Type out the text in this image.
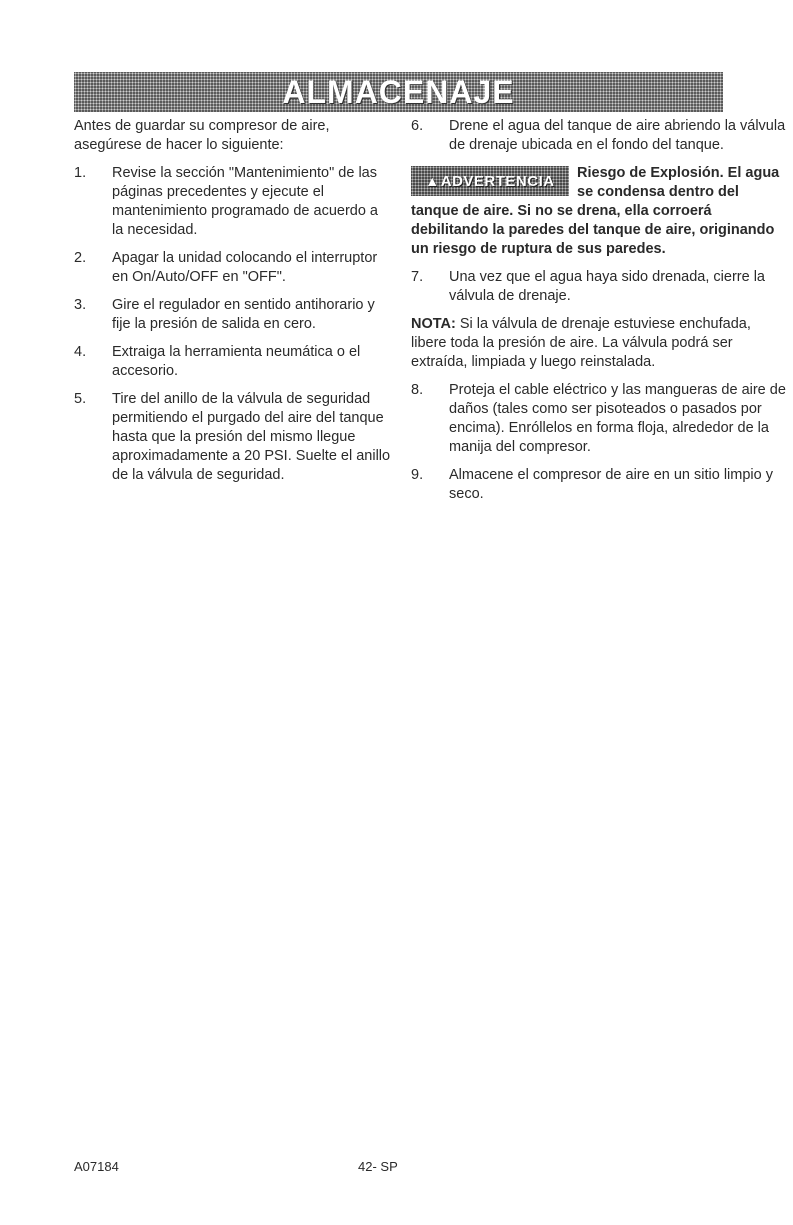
ALMACENAJE

Antes de guardar su compresor de aire, asegúrese de hacer lo siguiente:

1. Revise la sección "Mantenimiento" de las páginas precedentes y ejecute el mantenimiento programado de acuerdo a la necesidad.
2. Apagar la unidad colocando el interruptor en On/Auto/OFF en "OFF".
3. Gire el regulador en sentido antihorario y fije la presión de salida en cero.
4. Extraiga la herramienta neumática o el accesorio.
5. Tire del anillo de la válvula de seguridad permitiendo el purgado del aire del tanque hasta que la presión del mismo llegue aproximadamente a 20 PSI. Suelte el anillo de la válvula de seguridad.
6. Drene el agua del tanque de aire abriendo la válvula de drenaje ubicada en el fondo del tanque.
▲ADVERTENCIA	Riesgo de Explosión. El agua se condensa dentro del tanque de aire. Si no se drena, ella corroerá debilitando la paredes del tanque de aire, originando un riesgo de ruptura de sus paredes.
7. Una vez que el agua haya sido drenada, cierre la válvula de drenaje.

NOTA: Si la válvula de drenaje estuviese enchufada, libere toda la presión de aire. La válvula podrá ser extraída, limpiada y luego reinstalada.

8. Proteja el cable eléctrico y las mangueras de aire de daños (tales como ser pisoteados o pasados por encima). Enróllelos en forma floja, alrededor de la manija del compresor.
9. Almacene el compresor de aire en un sitio limpio y seco.
A07184	42- SP
